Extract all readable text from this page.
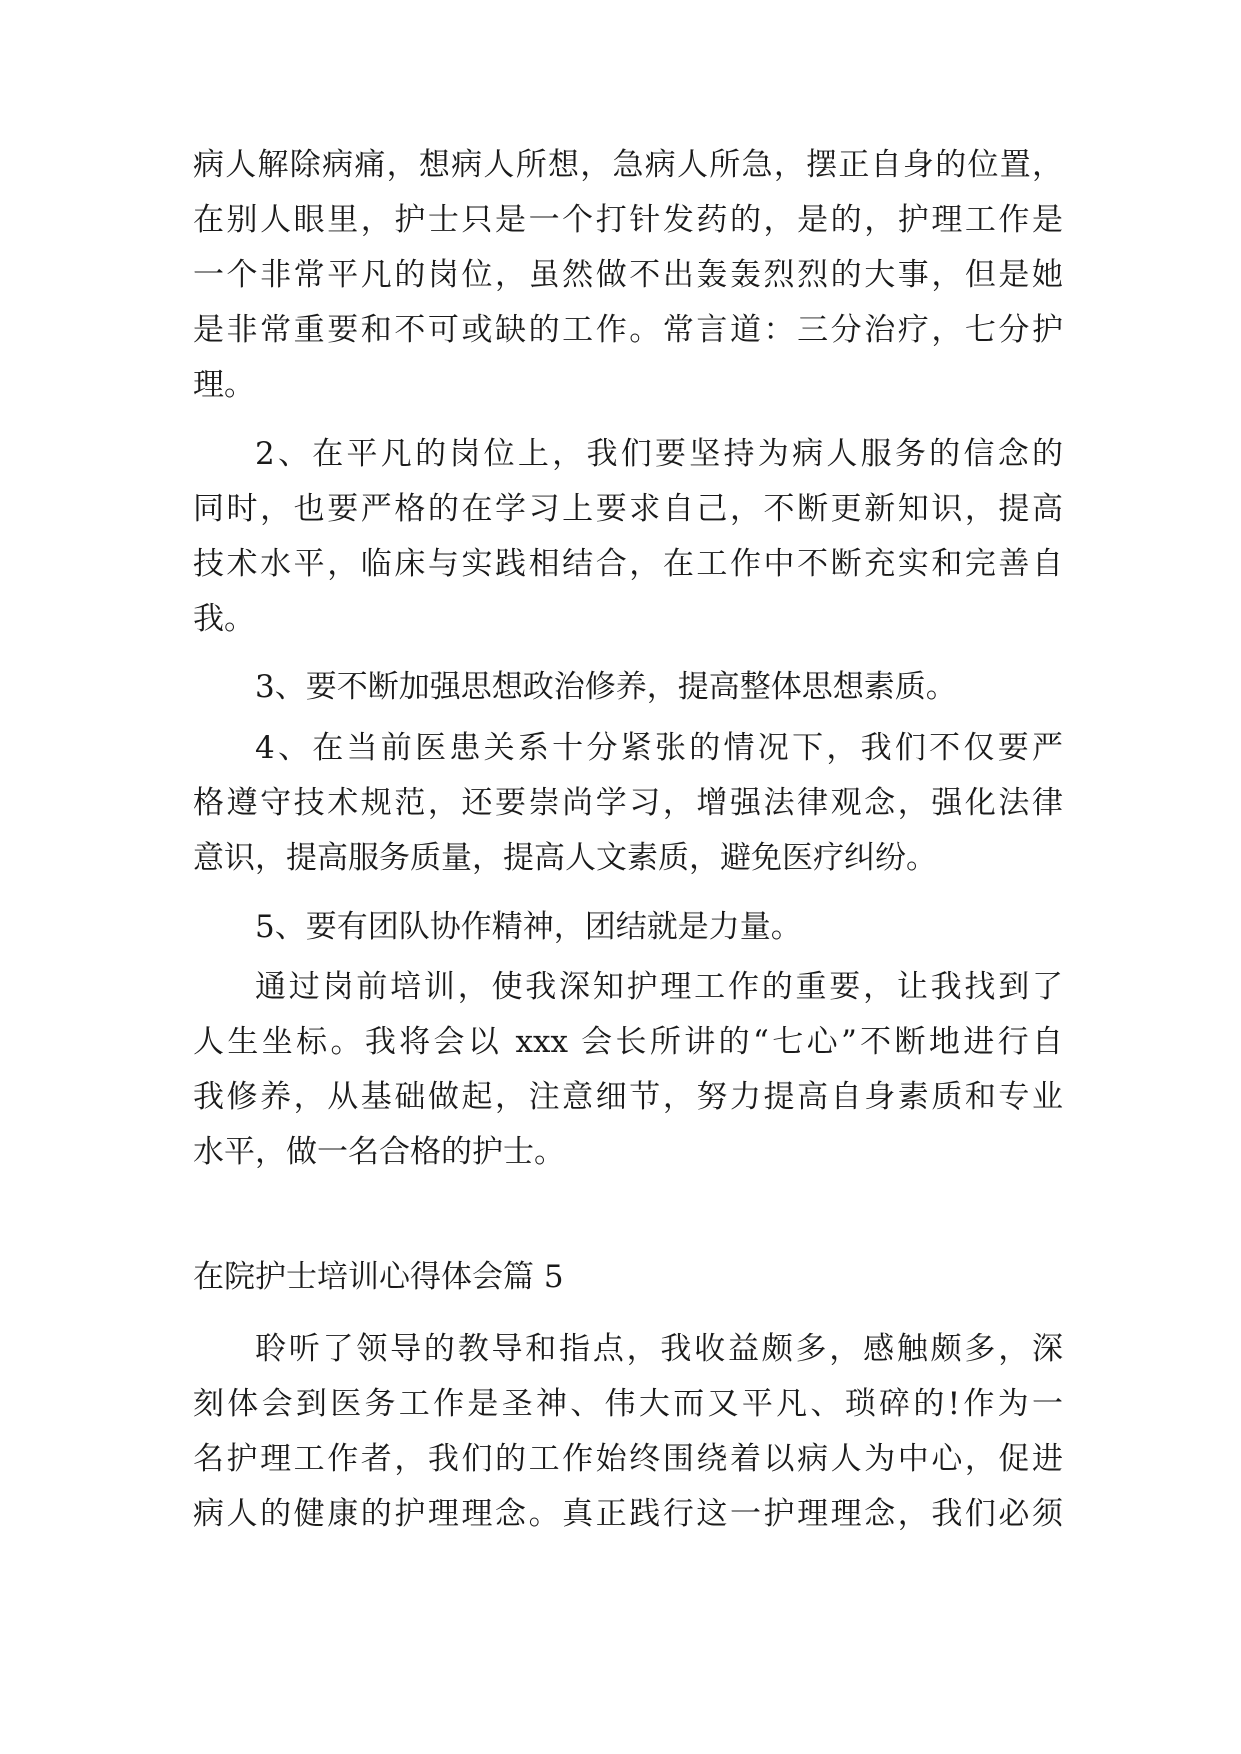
病人解除病痛，想病人所想，急病人所急，摆正自身的位置，
在别人眼里，护士只是一个打针发药的，是的，护理工作是
一个非常平凡的岗位，虽然做不出轰轰烈烈的大事，但是她
是非常重要和不可或缺的工作。常言道：三分治疗，七分护
理。
2、在平凡的岗位上，我们要坚持为病人服务的信念的
同时，也要严格的在学习上要求自己，不断更新知识，提高
技术水平，临床与实践相结合，在工作中不断充实和完善自
我。
3、要不断加强思想政治修养，提高整体思想素质。
4、在当前医患关系十分紧张的情况下，我们不仅要严
格遵守技术规范，还要崇尚学习，增强法律观念，强化法律
意识，提高服务质量，提高人文素质，避免医疗纠纷。
5、要有团队协作精神，团结就是力量。
通过岗前培训，使我深知护理工作的重要，让我找到了
人生坐标。我将会以 xxx 会长所讲的“七心”不断地进行自
我修养，从基础做起，注意细节，努力提高自身素质和专业
水平，做一名合格的护士。
在院护士培训心得体会篇 5
聆听了领导的教导和指点，我收益颇多，感触颇多，深
刻体会到医务工作是圣神、伟大而又平凡、琐碎的!作为一
名护理工作者，我们的工作始终围绕着以病人为中心，促进
病人的健康的护理理念。真正践行这一护理理念，我们必须
